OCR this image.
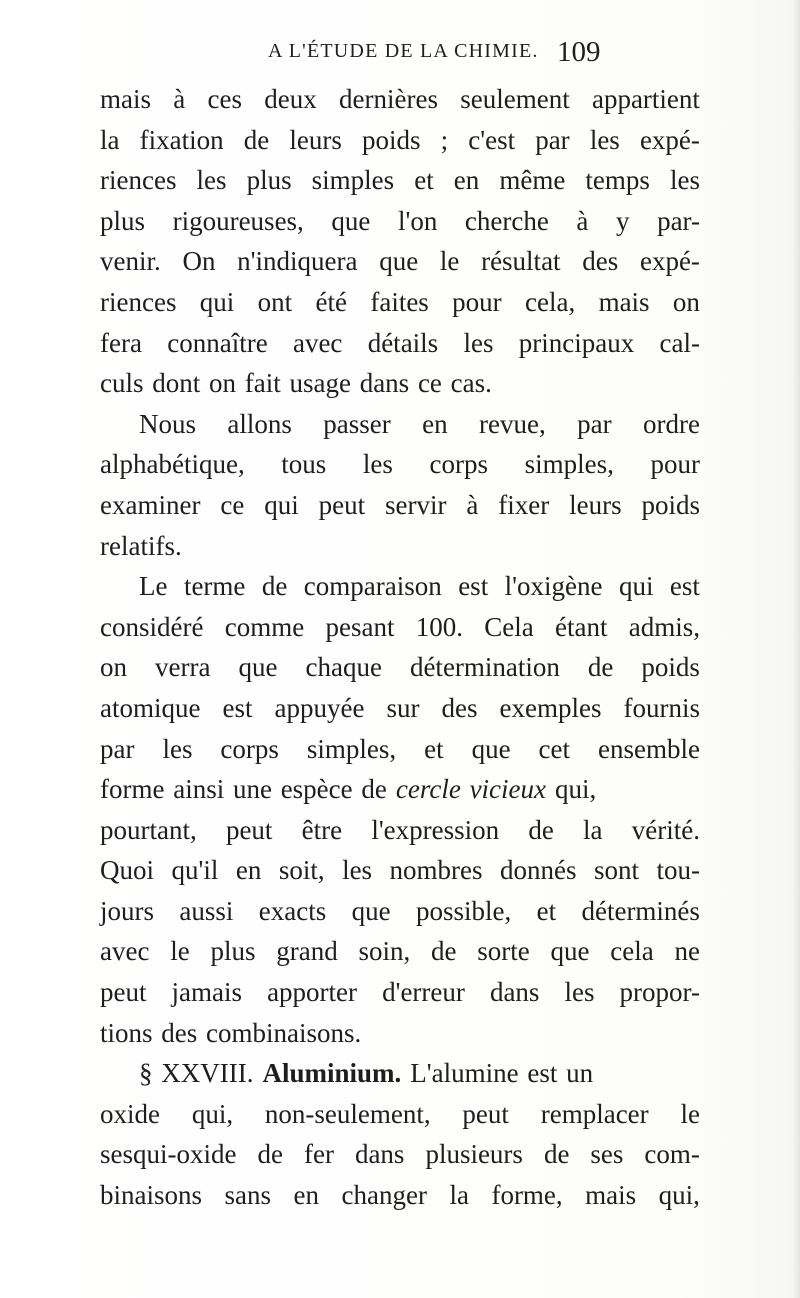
A L'ÉTUDE DE LA CHIMIE. 109
mais à ces deux dernières seulement appartient
la fixation de leurs poids ; c'est par les expé-
riences les plus simples et en même temps les
plus rigoureuses, que l'on cherche à y par-
venir. On n'indiquera que le résultat des expé-
riences qui ont été faites pour cela, mais on
fera connaître avec détails les principaux cal-
culs dont on fait usage dans ce cas.
Nous allons passer en revue, par ordre
alphabétique, tous les corps simples, pour
examiner ce qui peut servir à fixer leurs poids
relatifs.
Le terme de comparaison est l'oxigène qui est
considéré comme pesant 100. Cela étant admis,
on verra que chaque détermination de poids
atomique est appuyée sur des exemples fournis
par les corps simples, et que cet ensemble
forme ainsi une espèce de cercle vicieux qui,
pourtant, peut être l'expression de la vérité.
Quoi qu'il en soit, les nombres donnés sont tou-
jours aussi exacts que possible, et déterminés
avec le plus grand soin, de sorte que cela ne
peut jamais apporter d'erreur dans les propor-
tions des combinaisons.
§ XXVIII. Aluminium. L'alumine est un
oxide qui, non-seulement, peut remplacer le
sesqui-oxide de fer dans plusieurs de ses com-
binaisons sans en changer la forme, mais qui,
